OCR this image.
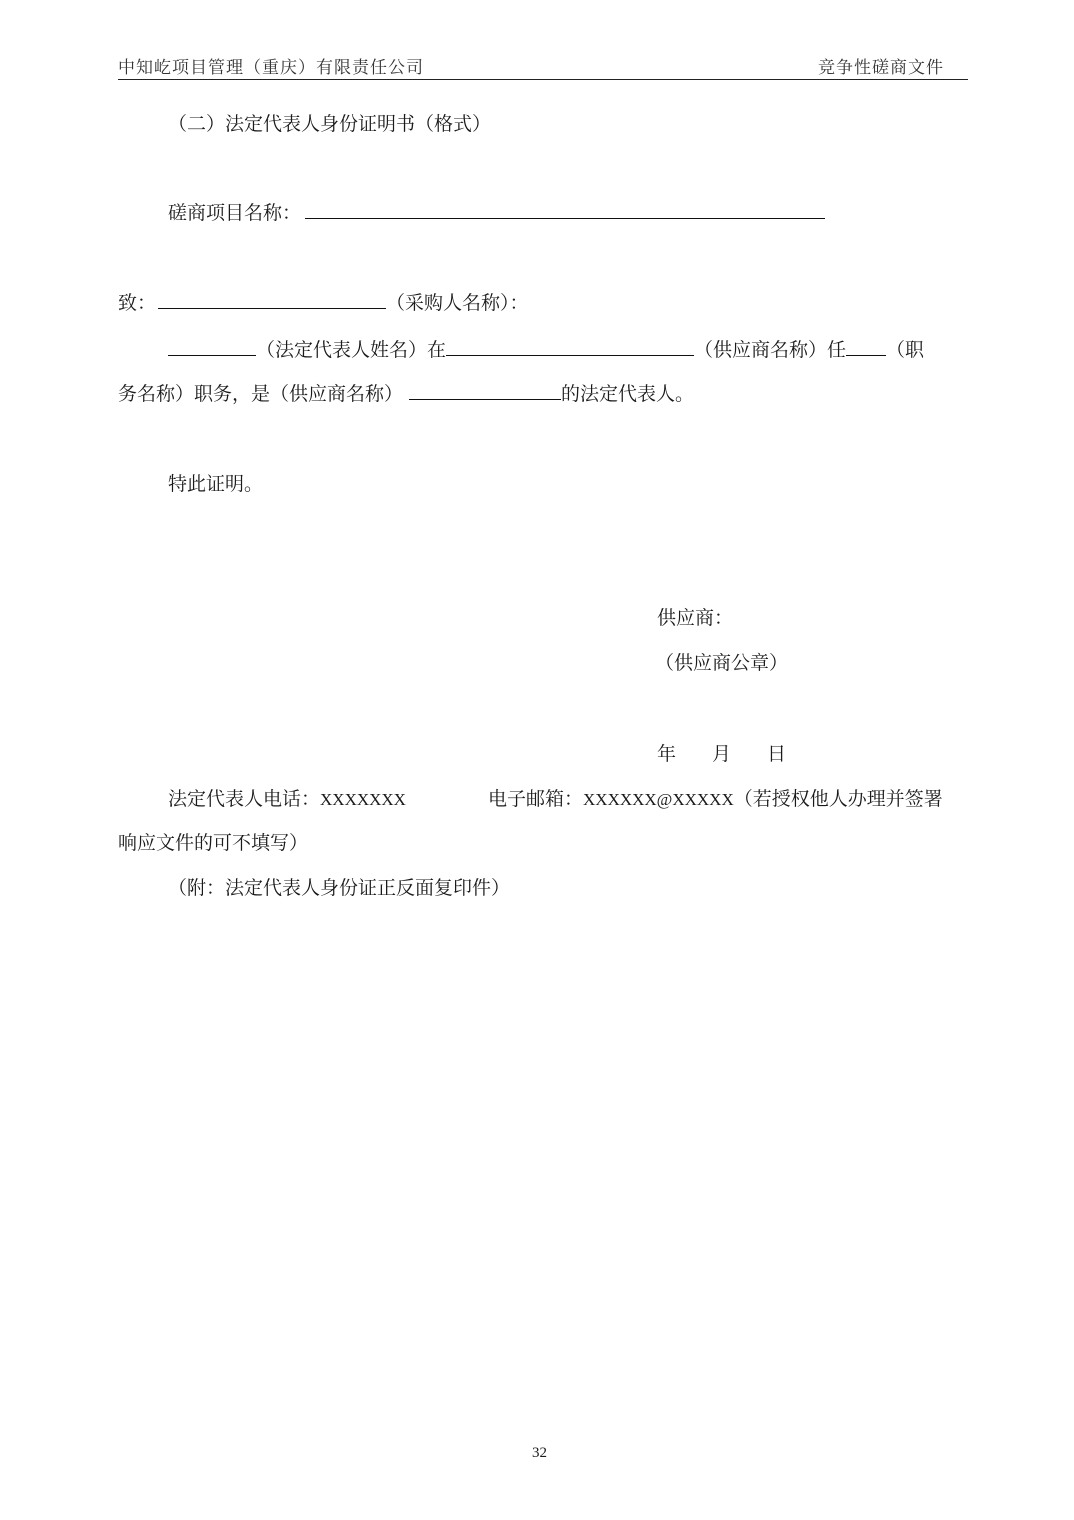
中知屹项目管理（重庆）有限责任公司	竞争性磋商文件
（二）法定代表人身份证明书（格式）
磋商项目名称：
致：	（采购人名称）：
（法定代表人姓名）在	（供应商名称）任 （职
务名称）职务，是（供应商名称）	的法定代表人。
特此证明。
供应商：
（供应商公章）
年 月 日
法定代表人电话：XXXXXXX	电子邮箱：XXXXXX@XXXXX（若授权他人办理并签署
响应文件的可不填写）
（附：法定代表人身份证正反面复印件）
32
